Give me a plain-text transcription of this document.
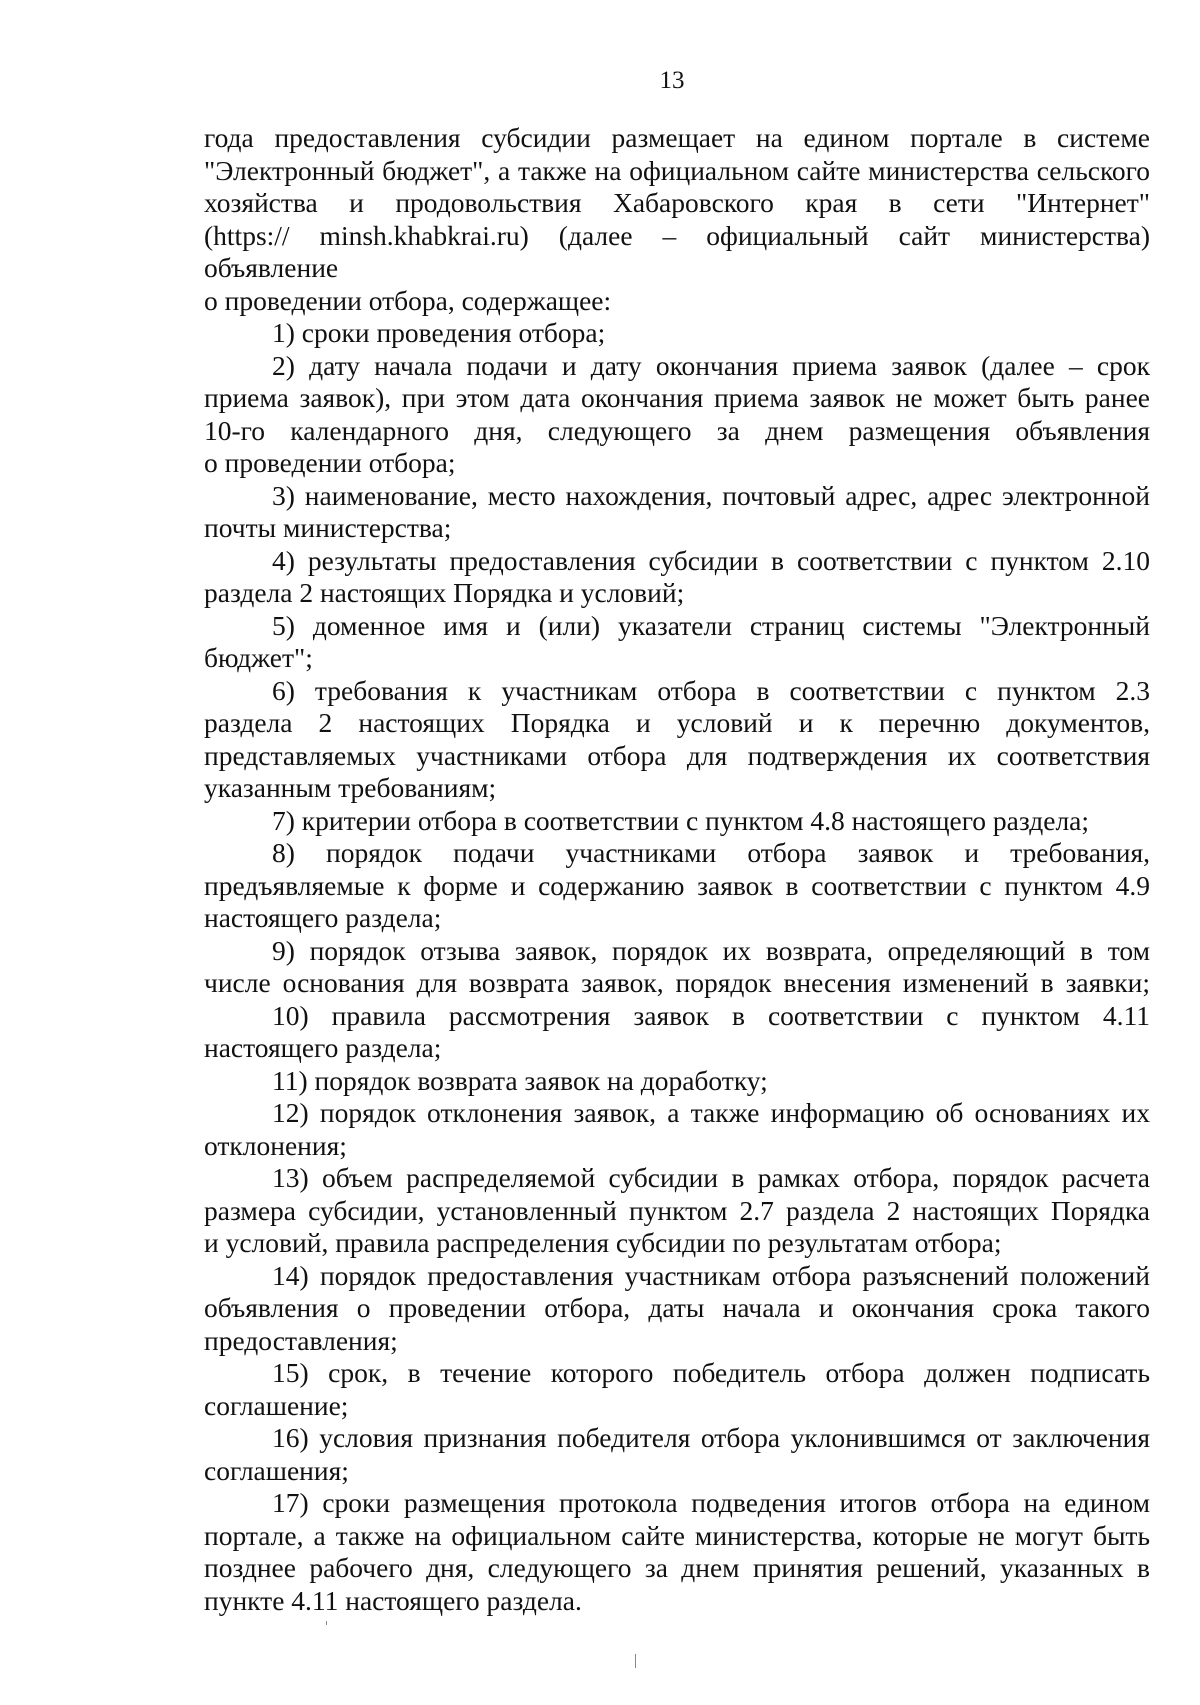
13
года предоставления субсидии размещает на едином портале в системе
"Электронный бюджет", а также на официальном сайте министерства сельского
хозяйства и продовольствия Хабаровского края в сети "Интернет"
(https:// minsh.khabkrai.ru) (далее – официальный сайт министерства) объявление
о проведении отбора, содержащее:
1) сроки проведения отбора;
2) дату начала подачи и дату окончания приема заявок (далее – срок
приема заявок), при этом дата окончания приема заявок не может быть ранее
10-го календарного дня, следующего за днем размещения объявления
о проведении отбора;
3) наименование, место нахождения, почтовый адрес, адрес электронной
почты министерства;
4) результаты предоставления субсидии в соответствии с пунктом 2.10
раздела 2 настоящих Порядка и условий;
5) доменное имя и (или) указатели страниц системы "Электронный
бюджет";
6) требования к участникам отбора в соответствии с пунктом 2.3
раздела 2 настоящих Порядка и условий и к перечню документов,
представляемых участниками отбора для подтверждения их соответствия
указанным требованиям;
7) критерии отбора в соответствии с пунктом 4.8 настоящего раздела;
8) порядок подачи участниками отбора заявок и требования,
предъявляемые к форме и содержанию заявок в соответствии с пунктом 4.9
настоящего раздела;
9) порядок отзыва заявок, порядок их возврата, определяющий в том
числе основания для возврата заявок, порядок внесения изменений в заявки;
10) правила рассмотрения заявок в соответствии с пунктом 4.11
настоящего раздела;
11) порядок возврата заявок на доработку;
12) порядок отклонения заявок, а также информацию об основаниях их
отклонения;
13) объем распределяемой субсидии в рамках отбора, порядок расчета
размера субсидии, установленный пунктом 2.7 раздела 2 настоящих Порядка
и условий, правила распределения субсидии по результатам отбора;
14) порядок предоставления участникам отбора разъяснений положений
объявления о проведении отбора, даты начала и окончания срока такого
предоставления;
15) срок, в течение которого победитель отбора должен подписать
соглашение;
16) условия признания победителя отбора уклонившимся от заключения
соглашения;
17) сроки размещения протокола подведения итогов отбора на едином
портале, а также на официальном сайте министерства, которые не могут быть
позднее рабочего дня, следующего за днем принятия решений, указанных в
пункте 4.11 настоящего раздела.
